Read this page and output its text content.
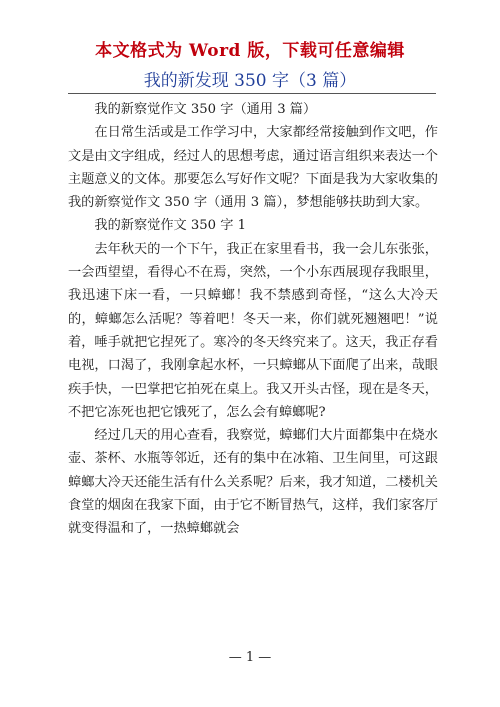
本文格式为 Word 版，下载可任意编辑
我的新发现 350 字（3 篇）

我的新察觉作文 350 字（通用 3 篇）

在日常生活或是工作学习中，大家都经常接触到作文吧，作文是由文字组成，经过人的思想考虑，通过语言组织来表达一个主题意义的文体。那要怎么写好作文呢？下面是我为大家收集的我的新察觉作文 350 字（通用 3 篇），梦想能够扶助到大家。

我的新察觉作文 350 字 1

去年秋天的一个下午，我正在家里看书，我一会儿东张张，一会西望望，看得心不在焉，突然，一个小东西展现存我眼里，我迅速下床一看，一只蟑螂！我不禁感到奇怪，“这么大冷天的，蟑螂怎么活呢？等着吧！冬天一来，你们就死翘翘吧！”说着，唾手就把它捏死了。寒冷的冬天终究来了。这天，我正存看电视，口渴了，我刚拿起水杯，一只蟑螂从下面爬了出来，哉眼疾手快，一巴掌把它拍死在桌上。我又开头古怪，现在是冬天，不把它冻死也把它饿死了，怎么会有蟑螂呢?

经过几天的用心查看，我察觉，蟑螂们大片面都集中在烧水壶、茶杯、水瓶等邻近，还有的集中在冰箱、卫生间里，可这跟蟑螂大冷天还能生活有什么关系呢？后来，我才知道，二楼机关食堂的烟囱在我家下面，由于它不断冒热气，这样，我们家客厅就变得温和了，一热蟑螂就会

— 1 —
